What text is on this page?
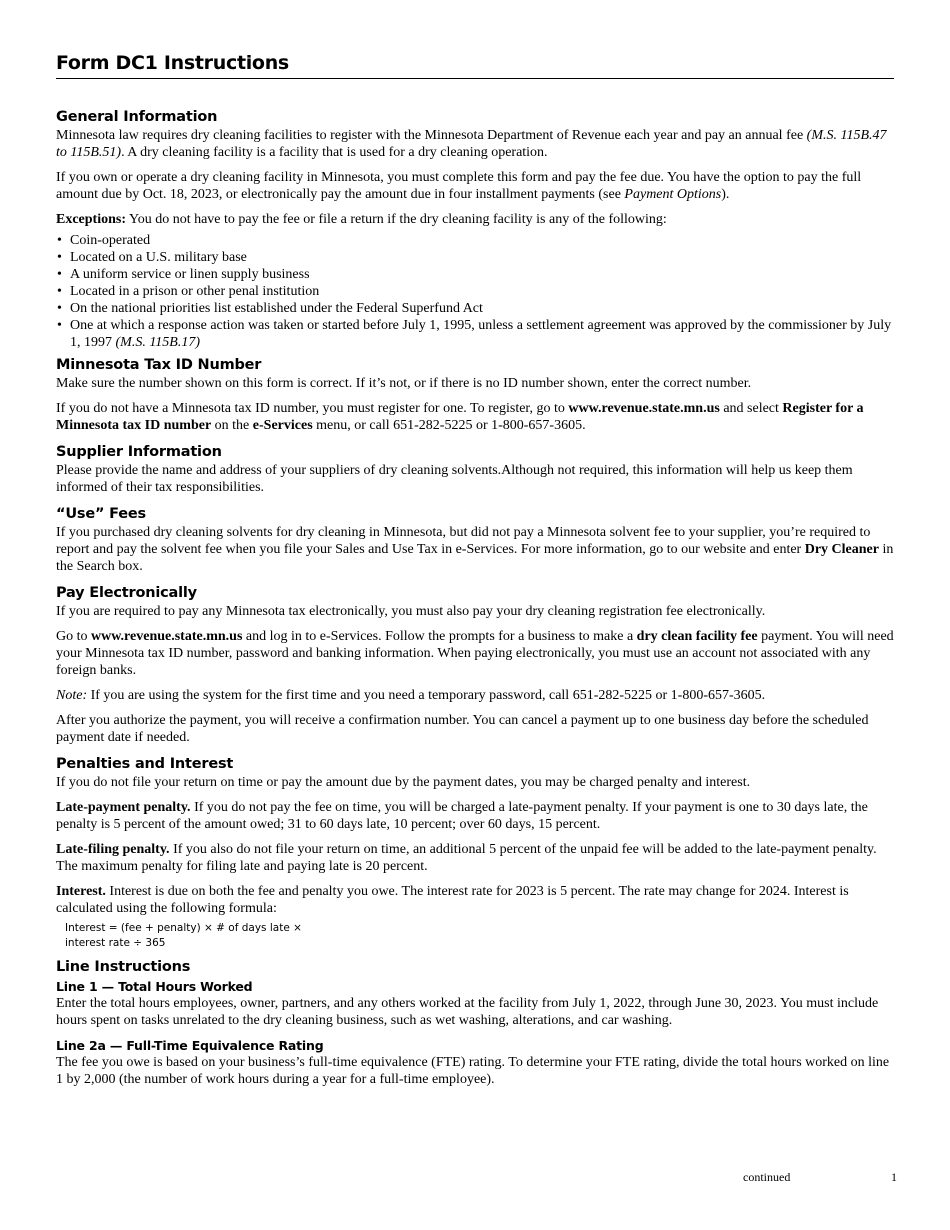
Form DC1 Instructions
General Information

Minnesota law requires dry cleaning facilities to register with the Minnesota Department of Revenue each year and pay an annual fee (M.S. 115B.47 to 115B.51). A dry cleaning facility is a facility that is used for a dry cleaning operation.

If you own or operate a dry cleaning facility in Minnesota, you must complete this form and pay the fee due. You have the option to pay the full amount due by Oct. 18, 2023, or electronically pay the amount due in four installment payments (see Payment Options).

Exceptions: You do not have to pay the fee or file a return if the dry cleaning facility is any of the following:

• Coin-operated
• Located on a U.S. military base
• A uniform service or linen supply business
• Located in a prison or other penal institution
• On the national priorities list established under the Federal Superfund Act
• One at which a response action was taken or started before July 1, 1995, unless a settlement agreement was approved by the commissioner by July 1, 1997 (M.S. 115B.17)
Minnesota Tax ID Number

Make sure the number shown on this form is correct. If it’s not, or if there is no ID number shown, enter the correct number.

If you do not have a Minnesota tax ID number, you must register for one. To register, go to www.revenue.state.mn.us and select Register for a Minnesota tax ID number on the e-Services menu, or call 651-282-5225 or 1-800-657-3605.

Supplier Information

Please provide the name and address of your suppliers of dry cleaning solvents.Although not required, this information will help us keep them informed of their tax responsibilities.

“Use” Fees

If you purchased dry cleaning solvents for dry cleaning in Minnesota, but did not pay a Minnesota solvent fee to your supplier, you’re required to report and pay the solvent fee when you file your Sales and Use Tax in e-Services. For more information, go to our website and enter Dry Cleaner in the Search box.

Pay Electronically

If you are required to pay any Minnesota tax electronically, you must also pay your dry cleaning registration fee electronically.

Go to www.revenue.state.mn.us and log in to e-Services. Follow the prompts for a business to make a dry clean facility fee payment. You will need your Minnesota tax ID number, password and banking information. When paying electronically, you must use an account not associated with any foreign banks.

Note: If you are using the system for the first time and you need a temporary password, call 651-282-5225 or 1-800-657-3605.

After you authorize the payment, you will receive a confirmation number. You can cancel a payment up to one business day before the scheduled payment date if needed.

Penalties and Interest

If you do not file your return on time or pay the amount due by the payment dates, you may be charged penalty and interest.

Late-payment penalty. If you do not pay the fee on time, you will be charged a late-payment penalty. If your payment is one to 30 days late, the penalty is 5 percent of the amount owed; 31 to 60 days late, 10 percent; over 60 days, 15 percent.

Late-filing penalty. If you also do not file your return on time, an additional 5 percent of the unpaid fee will be added to the late-payment penalty. The maximum penalty for filing late and paying late is 20 percent.

Interest. Interest is due on both the fee and penalty you owe. The interest rate for 2023 is 5 percent. The rate may change for 2024. Interest is calculated using the following formula:

Interest = (fee + penalty) × # of days late ×
interest rate ÷ 365
Line Instructions
Line 1 — Total Hours Worked

Enter the total hours employees, owner, partners, and any others worked at the facility from July 1, 2022, through June 30, 2023. You must include hours spent on tasks unrelated to the dry cleaning business, such as wet washing, alterations, and car washing.

Line 2a — Full-Time Equivalence Rating

The fee you owe is based on your business’s full-time equivalence (FTE) rating. To determine your FTE rating, divide the total hours worked on line 1 by 2,000 (the number of work hours during a year for a full-time employee).

continued	1
